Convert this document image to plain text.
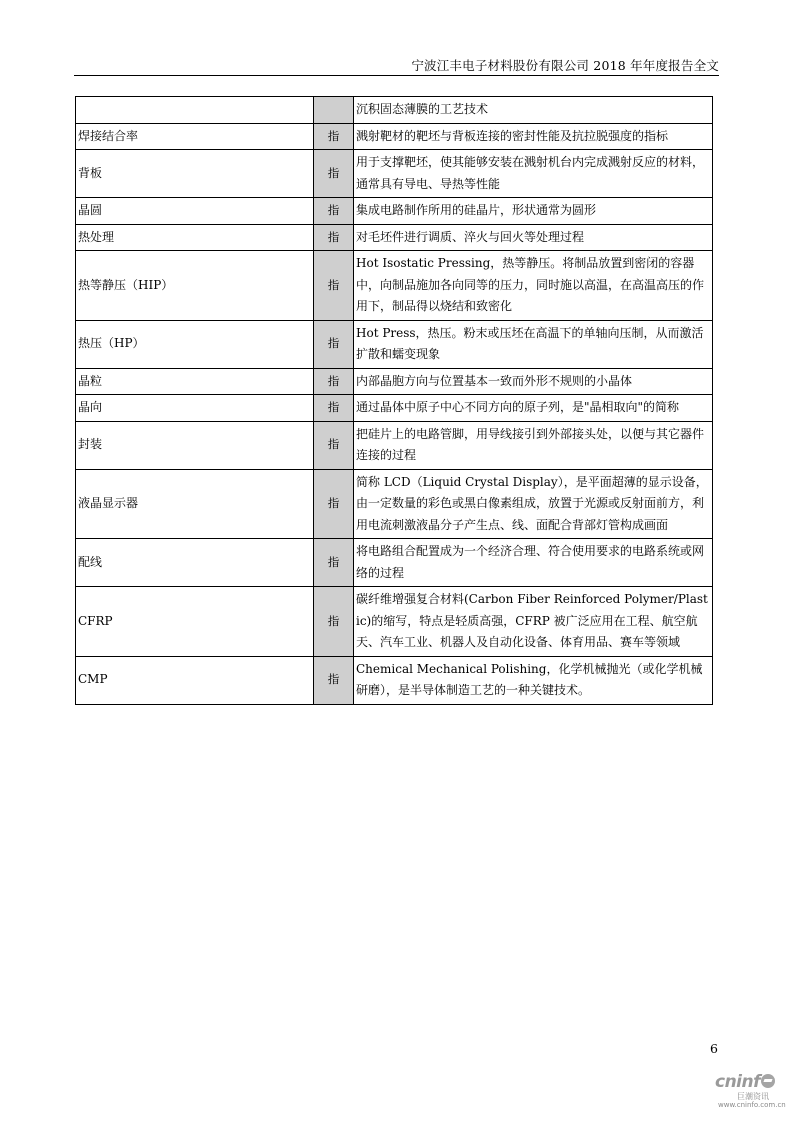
宁波江丰电子材料股份有限公司 2018 年年度报告全文
		沉积固态薄膜的工艺技术
焊接结合率	指	溅射靶材的靶坯与背板连接的密封性能及抗拉脱强度的指标
背板	指	用于支撑靶坯，使其能够安装在溅射机台内完成溅射反应的材料，通常具有导电、导热等性能
晶圆	指	集成电路制作所用的硅晶片，形状通常为圆形
热处理	指	对毛坯件进行调质、淬火与回火等处理过程
热等静压（HIP）	指	Hot Isostatic Pressing，热等静压。将制品放置到密闭的容器中，向制品施加各向同等的压力，同时施以高温，在高温高压的作用下，制品得以烧结和致密化
热压（HP）	指	Hot Press，热压。粉末或压坯在高温下的单轴向压制，从而激活扩散和蠕变现象
晶粒	指	内部晶胞方向与位置基本一致而外形不规则的小晶体
晶向	指	通过晶体中原子中心不同方向的原子列，是"晶相取向"的简称
封装	指	把硅片上的电路管脚，用导线接引到外部接头处，以便与其它器件连接的过程
液晶显示器	指	简称 LCD（Liquid Crystal Display），是平面超薄的显示设备，由一定数量的彩色或黑白像素组成，放置于光源或反射面前方，利用电流刺激液晶分子产生点、线、面配合背部灯管构成画面
配线	指	将电路组合配置成为一个经济合理、符合使用要求的电路系统或网络的过程
CFRP	指	碳纤维增强复合材料(Carbon Fiber Reinforced Polymer/Plastic)的缩写，特点是轻质高强，CFRP 被广泛应用在工程、航空航天、汽车工业、机器人及自动化设备、体育用品、赛车等领域
CMP	指	Chemical Mechanical Polishing，化学机械抛光（或化学机械研磨），是半导体制造工艺的一种关键技术。
6
cninf
巨潮资讯
www.cninfo.com.cn
